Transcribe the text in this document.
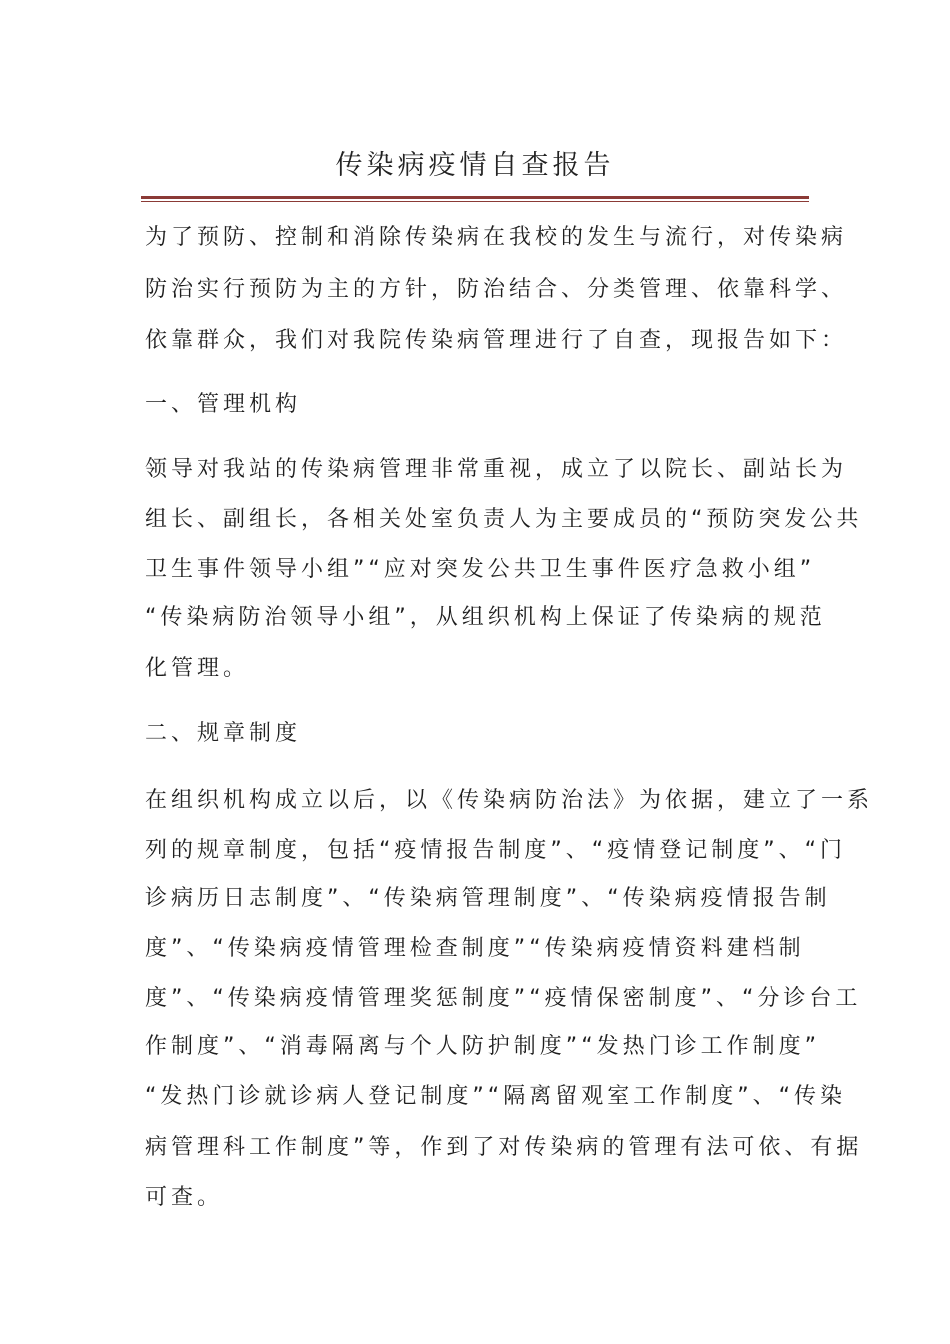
传染病疫情自查报告
为了预防、控制和消除传染病在我校的发生与流行，对传染病
防治实行预防为主的方针，防治结合、分类管理、依靠科学、
依靠群众，我们对我院传染病管理进行了自查，现报告如下：
一、管理机构
领导对我站的传染病管理非常重视，成立了以院长、副站长为
组长、副组长，各相关处室负责人为主要成员的“预防突发公共
卫生事件领导小组”“应对突发公共卫生事件医疗急救小组”
“传染病防治领导小组”，从组织机构上保证了传染病的规范
化管理。
二、规章制度
在组织机构成立以后，以《传染病防治法》为依据，建立了一系
列的规章制度，包括“疫情报告制度”、“疫情登记制度”、“门
诊病历日志制度”、“传染病管理制度”、“传染病疫情报告制
度”、“传染病疫情管理检查制度”“传染病疫情资料建档制
度”、“传染病疫情管理奖惩制度”“疫情保密制度”、“分诊台工
作制度”、“消毒隔离与个人防护制度”“发热门诊工作制度”
“发热门诊就诊病人登记制度”“隔离留观室工作制度”、“传染
病管理科工作制度”等，作到了对传染病的管理有法可依、有据
可查。
